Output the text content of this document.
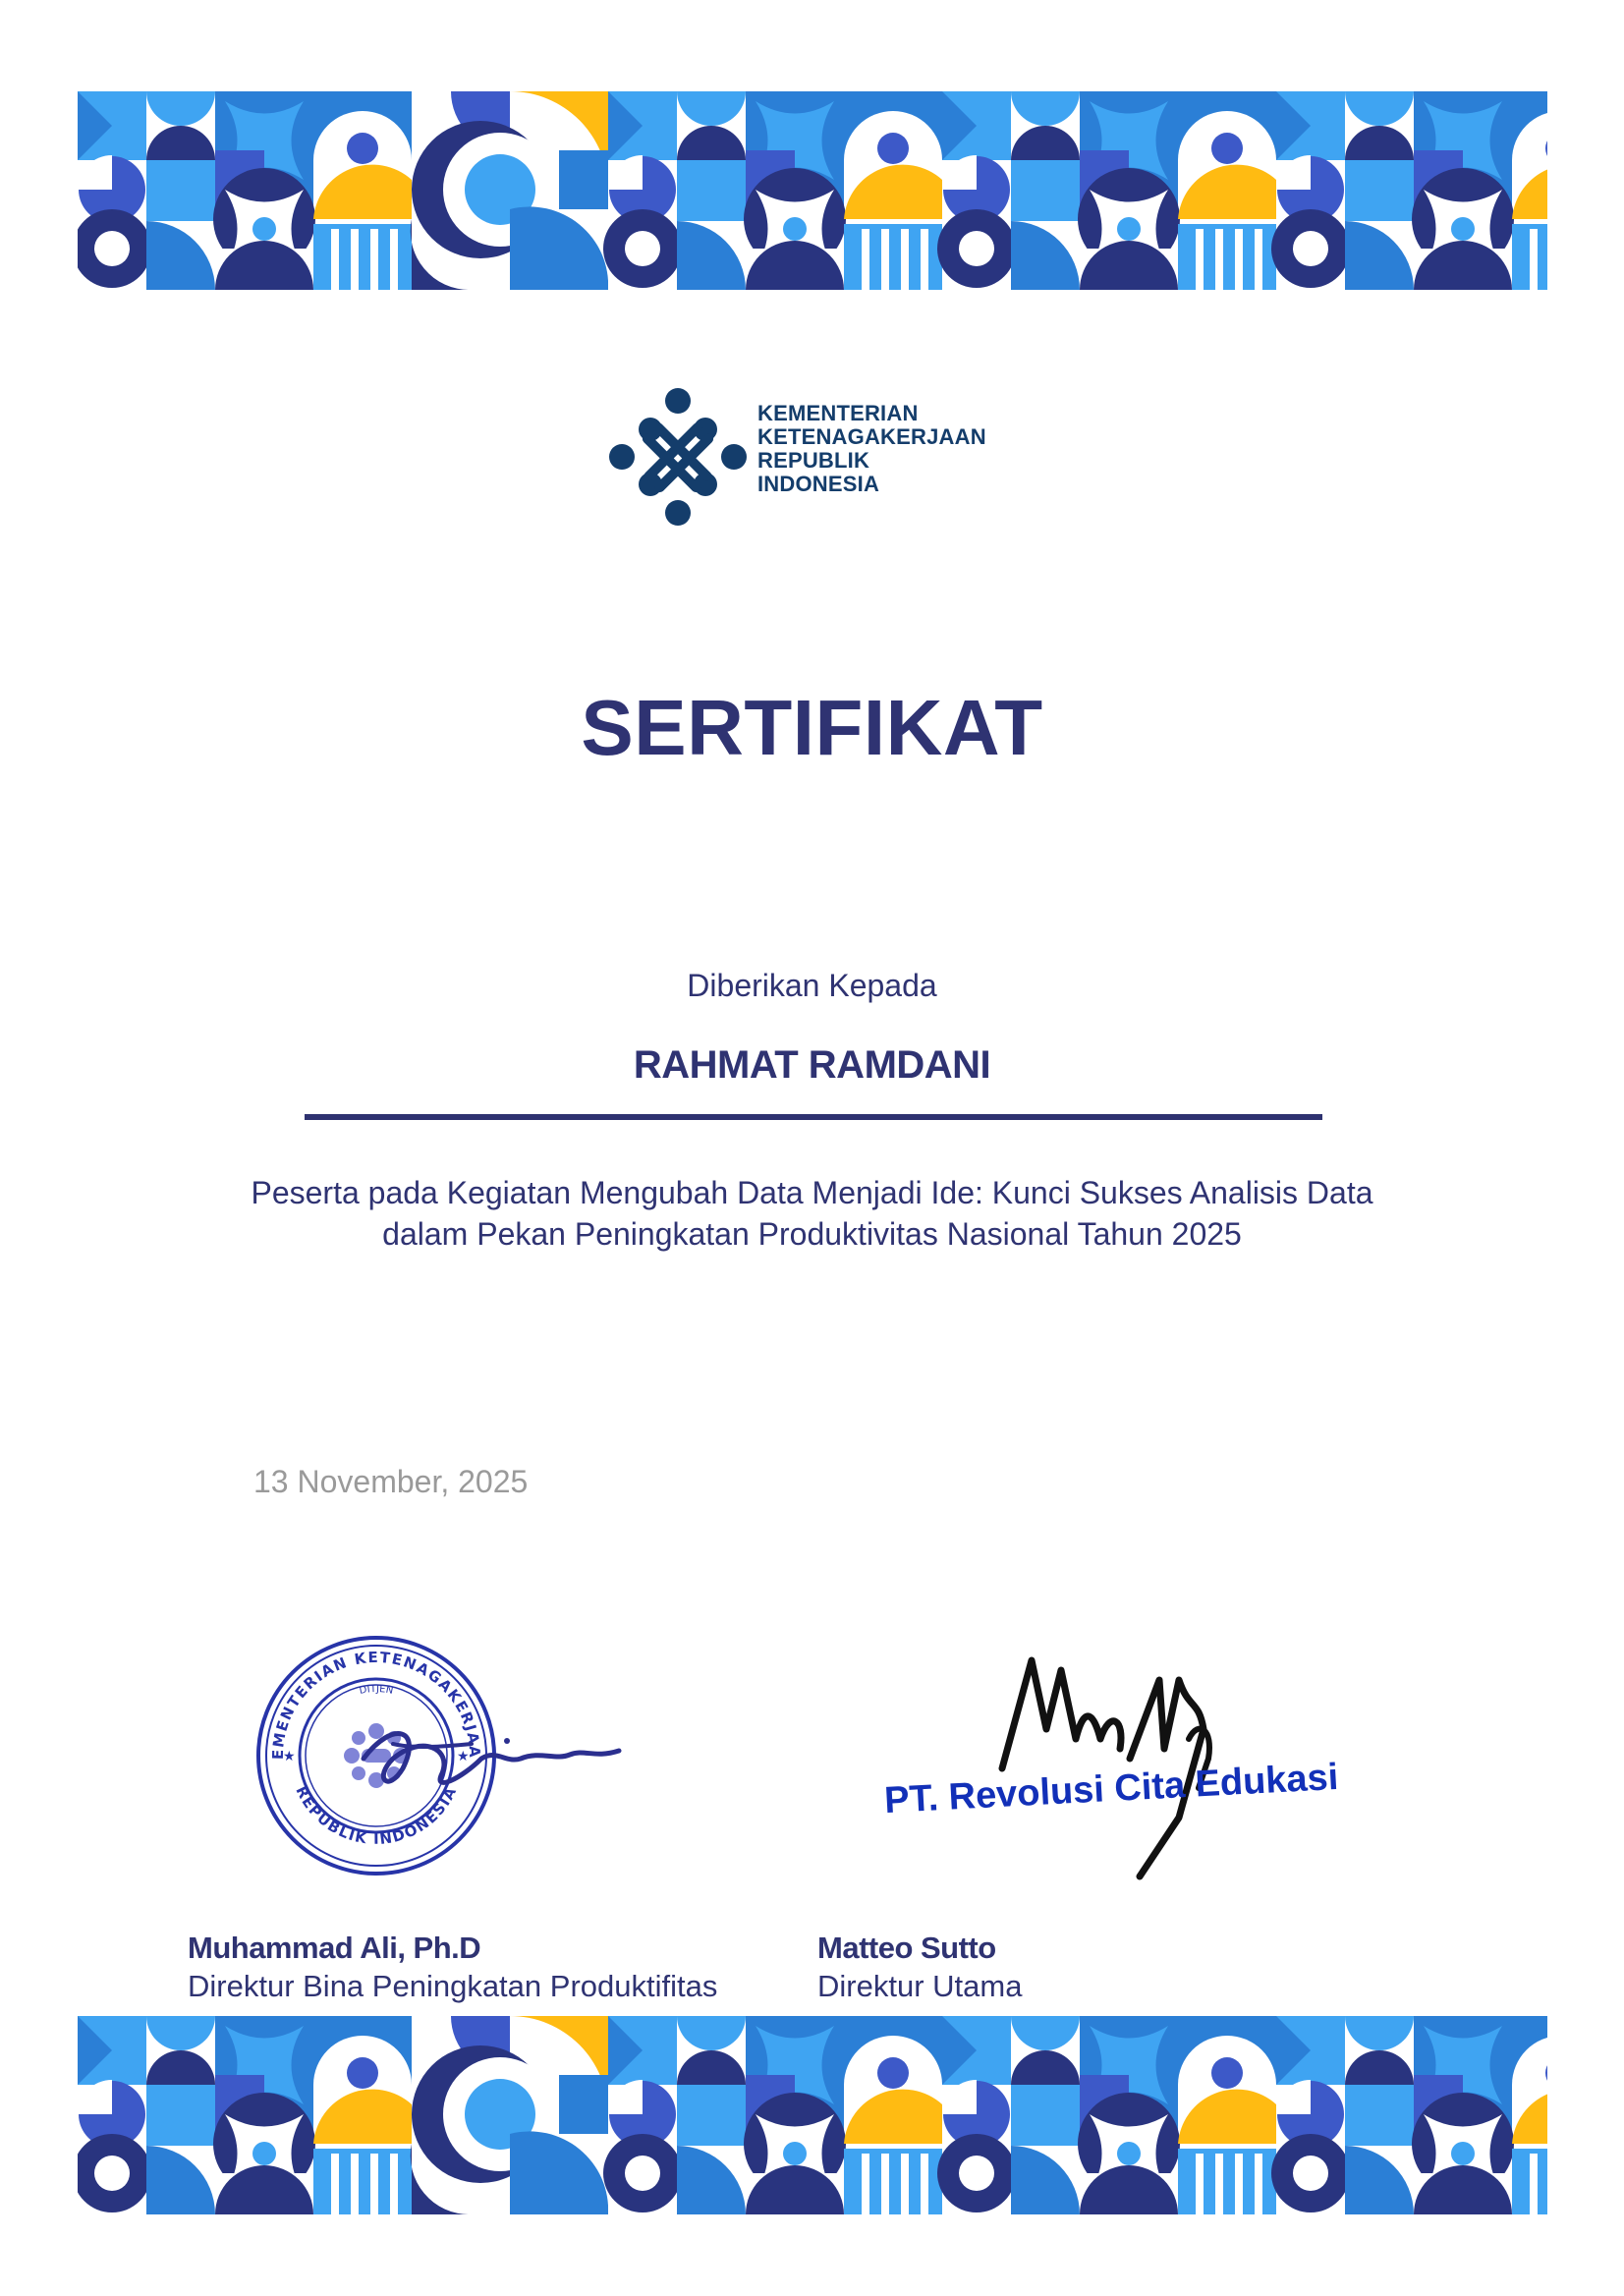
KEMENTERIAN
KETENAGAKERJAAN
REPUBLIK
INDONESIA
SERTIFIKAT
Diberikan Kepada
RAHMAT RAMDANI
Peserta pada Kegiatan Mengubah Data Menjadi Ide: Kunci Sukses Analisis Data
dalam Pekan Peningkatan Produktivitas Nasional Tahun 2025
13 November, 2025
EMENTERIAN KETENAGAKERJAA
REPUBLIK INDONESIA
DITJEN
★	★	PT. Revolusi Cita Edukasi
Muhammad Ali, Ph.D
Direktur Bina Peningkatan Produktifitas
Matteo Sutto
Direktur Utama
